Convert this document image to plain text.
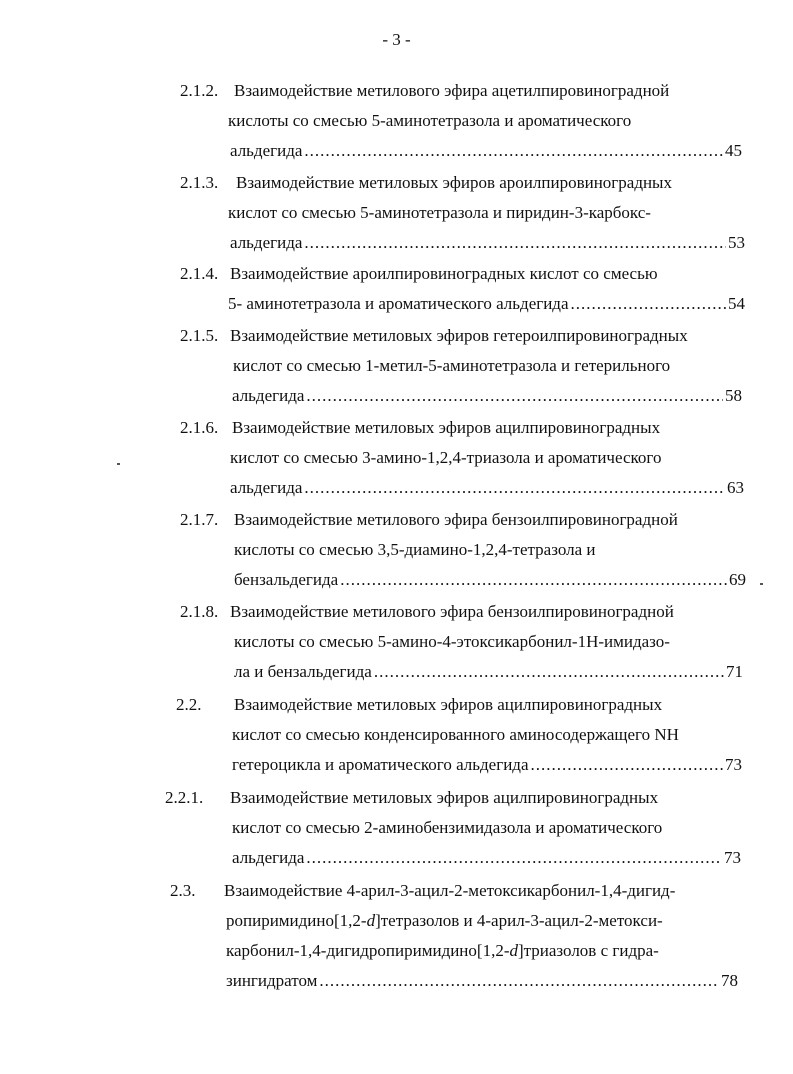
- 3 -
2.1.2. Взаимодействие метилового эфира ацетилпировиноградной
кислоты со смесью 5-аминотетразола и ароматического
альдегида .....	45
2.1.3. Взаимодействие метиловых эфиров ароилпировиноградных
кислот со смесью 5-аминотетразола и пиридин-3-карбокс-
альдегида .....	53
2.1.4. Взаимодействие ароилпировиноградных кислот со смесью
5- аминотетразола и ароматического альдегида .....	54
2.1.5. Взаимодействие метиловых эфиров гетероилпировиноградных
кислот со смесью 1-метил-5-аминотетразола и гетерильного
альдегида .....	58
2.1.6. Взаимодействие метиловых эфиров ацилпировиноградных
кислот со смесью 3-амино-1,2,4-триазола и ароматического
альдегида .....	63
2.1.7. Взаимодействие метилового эфира бензоилпировиноградной
кислоты со смесью 3,5-диамино-1,2,4-тетразола и
бензальдегида .....	69
2.1.8. Взаимодействие метилового эфира бензоилпировиноградной
кислоты со смесью 5-амино-4-этоксикарбонил-1Н-имидазо-
ла и бензальдегида .....	71
2.2. Взаимодействие метиловых эфиров ацилпировиноградных
кислот со смесью конденсированного аминосодержащего NH
гетероцикла и ароматического альдегида .....	73
2.2.1. Взаимодействие метиловых эфиров ацилпировиноградных
кислот со смесью 2-аминобензимидазола и ароматического
альдегида .....	73
2.3. Взаимодействие 4-арил-3-ацил-2-метоксикарбонил-1,4-дигид-
ропиримидино[1,2-d]тетразолов и 4-арил-3-ацил-2-метокси-
карбонил-1,4-дигидропиримидино[1,2-d]триазолов с гидра-
зингидратом .....	78
